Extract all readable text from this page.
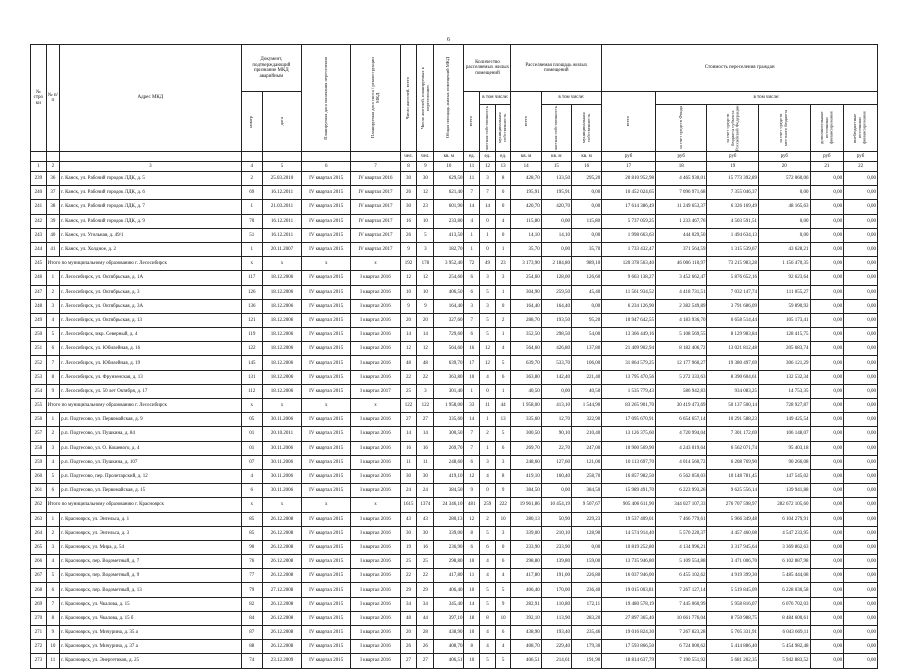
6
№ стро ки	№ п/п	Адрес МКД	Документ, подтверждающий признание МКД аварийным		Планируемая дата окончания переселения	Планируемая дата сноса / реконструкции МКД	Число жителей, всего	Число жителей, планируемых к переселению	Общая площадь жилых помещений МКД	Количество расселяемых жилых помещений			Расселяемая площадь жилых помещений			Стоимость переселения граждан					

			номер	дата						всего	в том числе:		всего	в том числе:		всего	в том числе:				

											частная собственность	муниципальная собственность		частная собственность	муниципальная собственность		за счет средств Фонда	за счет средств бюджета субъекта Российской Федерации	за счет средств местного бюджета	дополнительные источники финансирования	внебюджетные источники финансирования

							чел.	чел.	кв. м	ед.	ед.	ед.	кв. м	кв. м	кв. м	руб	руб	руб	руб	руб	руб
1	2	3	4	5	6	7	8	9	10	11	12	13	14	15	16	17	18	19	20	21	22
239	36	г. Канск, ул. Рабочий городок ЛДК, д. 5	2	25.03.2010	IV квартал 2015	IV квартал 2016	30	30	629,50	11	3	8	428,70	133,50	295,20	20 810 952,98	4 465 930,01	15 773 392,89	572 060,06	0,00	0,00
240	37	г. Канск, ул. Рабочий городок ЛДК, д. 6	69	16.12.2011	IV квартал 2015	IV квартал 2017	26	12	621,40	7	7	0	195,91	195,91	0,00	10 452 024,65	7 096 971,68	7 355 046,37	0,00	0,00	0,00
241	38	г. Канск, ул. Рабочий городок ЛДК, д. 7	1	21.03.2011	IV квартал 2015	IV квартал 2017	30	23	601,90	14	14	0	420,70	420,70	0,00	17 614 386,49	11 249 653,37	6 326 169,49	48 165,63	0,00	0,00
242	39	г. Канск, ул. Рабочий городок ЛДК, д. 9	70	16.12.2011	IV квартал 2015	IV квартал 2017	16	10	233,80	4	0	4	115,80	0,00	115,80	5 737 059,25	1 233 467,76	4 503 591,51	0,00	0,00	0,00
243	40	г. Канск, ул. Угольная, д. 49/1	51	16.12.2011	IV квартал 2015	IV квартал 2017	26	5	413,50	1	1	0	14,10	14,10	0,00	1 998 663,63	444 029,50	1 494 634,13	0,00	0,00	0,00
244	41	г. Канск, ул. Холдное, д. 2	1	20.11.2007	IV квартал 2015	IV квартал 2017	9	3	182,70	1	0	1	35,70	0,00	35,70	1 733 432,47	371 564,59	1 315 539,67	43 628,21	0,00	0,00
245	Итого по муниципальному образованию г. Лесосибирск		x	x	x	x	192	178	3 952,40	72	49	23	3 173,90	2 184,80	989,10	120 378 563,40	46 006 110,97	73 215 983,28	1 156 470,35	0,00	0,00
246	1	г. Лесосибирск, ул. Октябрьская, д. 1А	117	18.12.2006	IV квартал 2015	I квартал 2016	12	12	254,60	6	3	3	254,60	128,00	126,60	9 663 138,27	3 452 662,47	5 876 652,16	92 623,64	0,00	0,00
247	2	г. Лесосибирск, ул. Октябрьская, д. 3	126	18.12.2006	IV квартал 2015	I квартал 2016	10	10	406,50	6	5	1	304,90	259,50	45,40	11 561 934,52	4 418 731,51	7 032 147,74	111 055,27	0,00	0,00
248	3	г. Лесосибирск, ул. Октябрьская, д. 3А	136	18.12.2006	IV квартал 2015	I квартал 2016	9	9	164,40	3	3	0	164,40	164,40	0,00	6 234 126,90	2 382 549,89	3 791 686,09	59 890,92	0,00	0,00
249	4	г. Лесосибирск, ул. Октябрьская, д. 13	121	18.12.2006	IV квартал 2015	I квартал 2016	20	20	327,60	7	5	2	288,70	193,50	95,20	10 947 642,55	4 183 936,70	6 658 514,44	105 173,41	0,00	0,00
250	5	г. Лесосибирск, мкр. Северный, д. 4	119	18.12.2006	IV квартал 2015	I квартал 2016	14	14	729,60	6	5	1	352,50	298,50	54,00	13 366 449,16	5 108 569,55	8 129 983,84	128 415,75	0,00	0,00
251	6	г. Лесосибирск, ул. Юбилейная, д. 16	122	18.12.2006	IV квартал 2015	I квартал 2016	12	12	564,60	16	12	4	564,60	426,80	137,80	21 409 902,94	8 182 406,72	13 021 812,48	205 683,74	0,00	0,00
252	7	г. Лесосибирск, ул. Юбилейная, д. 19	145	18.12.2006	IV квартал 2015	I квартал 2016	48	48	639,70	17	12	5	639,70	533,70	106,00	31 864 579,25	12 177 960,27	19 380 497,69	306 121,29	0,00	0,00
253	8	г. Лесосибирск, ул. Фрунзенская, д. 13	131	18.12.2006	IV квартал 2015	I квартал 2016	22	22	363,80	10	4	6	363,80	142,40	221,40	13 795 470,56	5 272 333,63	8 390 604,61	132 532,34	0,00	0,00
254	9	г. Лесосибирск, ул. 50 лет Октября, д. 17	112	18.12.2006	IV квартал 2015	I квартал 2017	25	3	301,40	1	0	1	40,50	0,00	40,50	1 535 779,43	586 942,83	934 083,25	14 753,35	0,00	0,00
255	Итого по муниципальному образованию г. Лесосибирск		x	x	x	x	122	122	1 958,00	33	11	44	1 958,00	413,10	1 544,90	83 265 901,70	30 419 473,69	50 137 500,14	728 927,87	0,00	0,00
256	1	р.п. Подтесово, ул. Первомайская, д. 9	05	30.11.2006	IV квартал 2015	I квартал 2016	27	27	335,60	14	1	13	335,60	12,70	322,90	17 095 670,91	6 654 657,14	10 291 588,23	149 425,54	0,00	0,00
257	2	р.п. Подтесово, ул. Пушкина, д. 84	01	20.10.2011	IV квартал 2015	I квартал 2016	14	14	300,50	7	2	5	300,50	90,10	210,40	13 126 375,60	4 720 994,04	7 301 172,69	106 148,07	0,00	0,00
258	3	р.п. Подтесово, ул. О. Кошевого, д. 4	01	30.11.2006	IV квартал 2015	I квартал 2016	16	16	269,70	7	1	6	269,70	22,70	247,00	10 900 569,90	4 243 019,64	6 562 071,74	95 403,18	0,00	0,00
259	4	р.п. Подтесово, ул. Пушкина, д. 107	07	30.11.2006	IV квартал 2015	I квартал 2016	11	11	248,60	6	3	3	248,60	127,60	121,00	10 113 697,70	4 014 560,72	6 208 769,90	90 266,08	0,00	0,00
260	5	р.п. Подтесово, пер. Пролетарский, д. 12	4	30.11.2006	IV квартал 2015	I квартал 2016	30	30	419,10	12	4	8	419,10	160,40	258,70	16 857 982,50	6 562 050,03	10 148 781,45	147 545,02	0,00	0,00
261	6	р.п. Подтесово, ул. Первомайская, д. 15	6	30.11.2006	IV квартал 2015	I квартал 2016	24	24	384,50	9	0	9	384,50	0,00	384,50	15 989 491,70	6 223 993,26	9 625 556,14	139 941,88	0,00	0,00
262	Итого по муниципальному образованию г. Красноярск		x	x	x	x	1615	1374	24 346,10	481	259	222	19 961,86	10 454,19	9 507,67	905 406 611,90	344 027 107,33	276 707 598,97	282 672 105,60	0,00	0,00
263	1	г. Красноярск, ул. Энгельса, д. 1	85	26.12.2008	IV квартал 2015	I квартал 2016	43	43	280,13	12	2	10	280,13	50,90	229,23	19 537 409,01	7 466 779,61	5 966 349,48	6 104 279,91	0,00	0,00
264	2	г. Красноярск, ул. Энгельса, д. 3	85	26.12.2008	IV квартал 2015	I квартал 2016	30	30	339,00	8	5	3	339,00	210,10	128,90	14 574 914,40	5 570 220,37	4 457 460,08	4 547 233,95	0,00	0,00
265	3	г. Красноярск, ул. Мира, д. 54	90	26.12.2008	IV квартал 2015	I квартал 2016	19	16	236,90	6	6	0	233,90	233,90	0,00	10 819 252,80	4 134 996,21	3 317 945,64	3 369 862,63	0,00	0,00
266	4	г. Красноярск, пер. Водометный, д. 7	76	26.12.2008	IV квартал 2015	I квартал 2016	25	25	298,80	10	4	6	298,80	139,80	159,00	13 735 946,80	5 109 554,88	3 471 006,70	6 102 887,98	0,00	0,00
267	5	г. Красноярск, пер. Водометный, д. 9	77	26.12.2008	IV квартал 2015	I квартал 2016	22	22	417,80	11	4	4	417,80	191,00	226,80	16 037 946,00	6 455 102,62	4 919 399,30	5 485 444,08	0,00	0,00
268	6	г. Красноярск, пер. Водометный, д. 13	79	27.12.2008	IV квартал 2015	I квартал 2016	29	29	406,40	10	5	5	406,40	170,00	236,40	19 015 003,81	7 267 127,14	5 519 845,09	6 228 030,58	0,00	0,00
269	7	г. Красноярск, ул. Чкалова, д. 15	82	26.12.2008	IV квартал 2015	I квартал 2016	34	34	345,40	14	5	9	282,91	110,80	172,11	19 480 578,19	7 445 060,99	5 958 816,07	6 076 702,03	0,00	0,00
270	8	г. Красноярск, ул. Чкалова, д. 15 б	84	26.12.2008	IV квартал 2015	I квартал 2016	48	44	397,10	18	8	10	392,10	113,90	283,20	27 897 365,40	10 661 776,04	8 750 988,75	8 484 600,61	0,00	0,00
271	9	г. Красноярск, ул. Мичурина, д. 35 а	87	26.12.2008	IV квартал 2015	I квартал 2016	20	28	438,90	10	4	6	438,90	193,40	235,46	19 016 824,30	7 267 823,28	5 705 331,91	6 043 669,11	0,00	0,00
272	10	г. Красноярск, ул. Мичурина, д. 37 а	88	26.12.2008	IV квартал 2015	I квартал 2016	26	26	408,70	8	4	4	408,70	229,40	179,30	17 593 866,50	6 724 000,62	5 414 886,40	5 454 982,48	0,00	0,00
273	11	г. Красноярск, ул. Энергетиков, д. 25	74	23.12.2009	IV квартал 2015	I квартал 2016	27	27	406,51	10	5	5	406,51	214,61	191,90	18 814 637,79	7 190 551,92	5 681 202,35	5 942 883,52	0,00	0,00
